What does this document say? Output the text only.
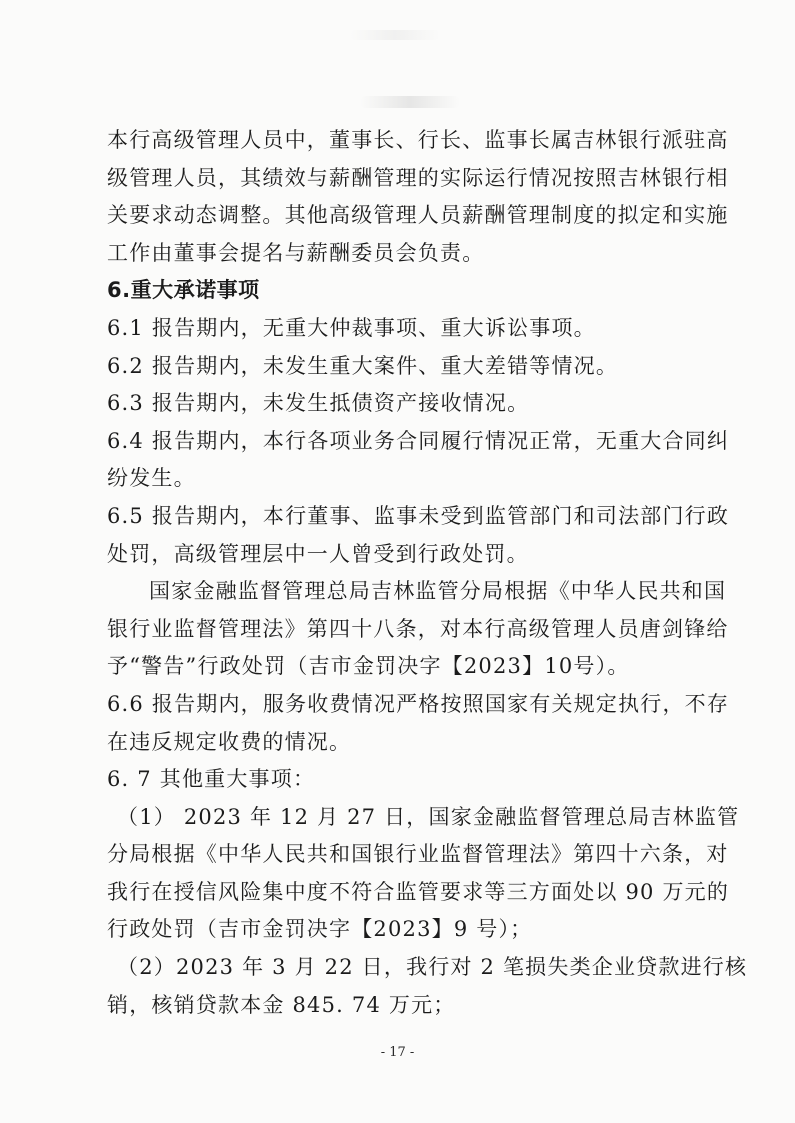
本行高级管理人员中，董事长、行长、监事长属吉林银行派驻高
级管理人员，其绩效与薪酬管理的实际运行情况按照吉林银行相
关要求动态调整。其他高级管理人员薪酬管理制度的拟定和实施
工作由董事会提名与薪酬委员会负责。
6.重大承诺事项
6.1 报告期内，无重大仲裁事项、重大诉讼事项。
6.2 报告期内，未发生重大案件、重大差错等情况。
6.3 报告期内，未发生抵债资产接收情况。
6.4 报告期内，本行各项业务合同履行情况正常，无重大合同纠
纷发生。
6.5 报告期内，本行董事、监事未受到监管部门和司法部门行政
处罚，高级管理层中一人曾受到行政处罚。
国家金融监督管理总局吉林监管分局根据《中华人民共和国
银行业监督管理法》第四十八条，对本行高级管理人员唐剑锋给
予“警告”行政处罚（吉市金罚决字【2023】10号）。
6.6 报告期内，服务收费情况严格按照国家有关规定执行，不存
在违反规定收费的情况。
6. 7 其他重大事项：
（1） 2023 年 12 月 27 日，国家金融监督管理总局吉林监管
分局根据《中华人民共和国银行业监督管理法》第四十六条，对
我行在授信风险集中度不符合监管要求等三方面处以 90 万元的
行政处罚（吉市金罚决字【2023】9 号）；
（2）2023 年 3 月 22 日，我行对 2 笔损失类企业贷款进行核
销，核销贷款本金 845. 74 万元；
- 17 -
